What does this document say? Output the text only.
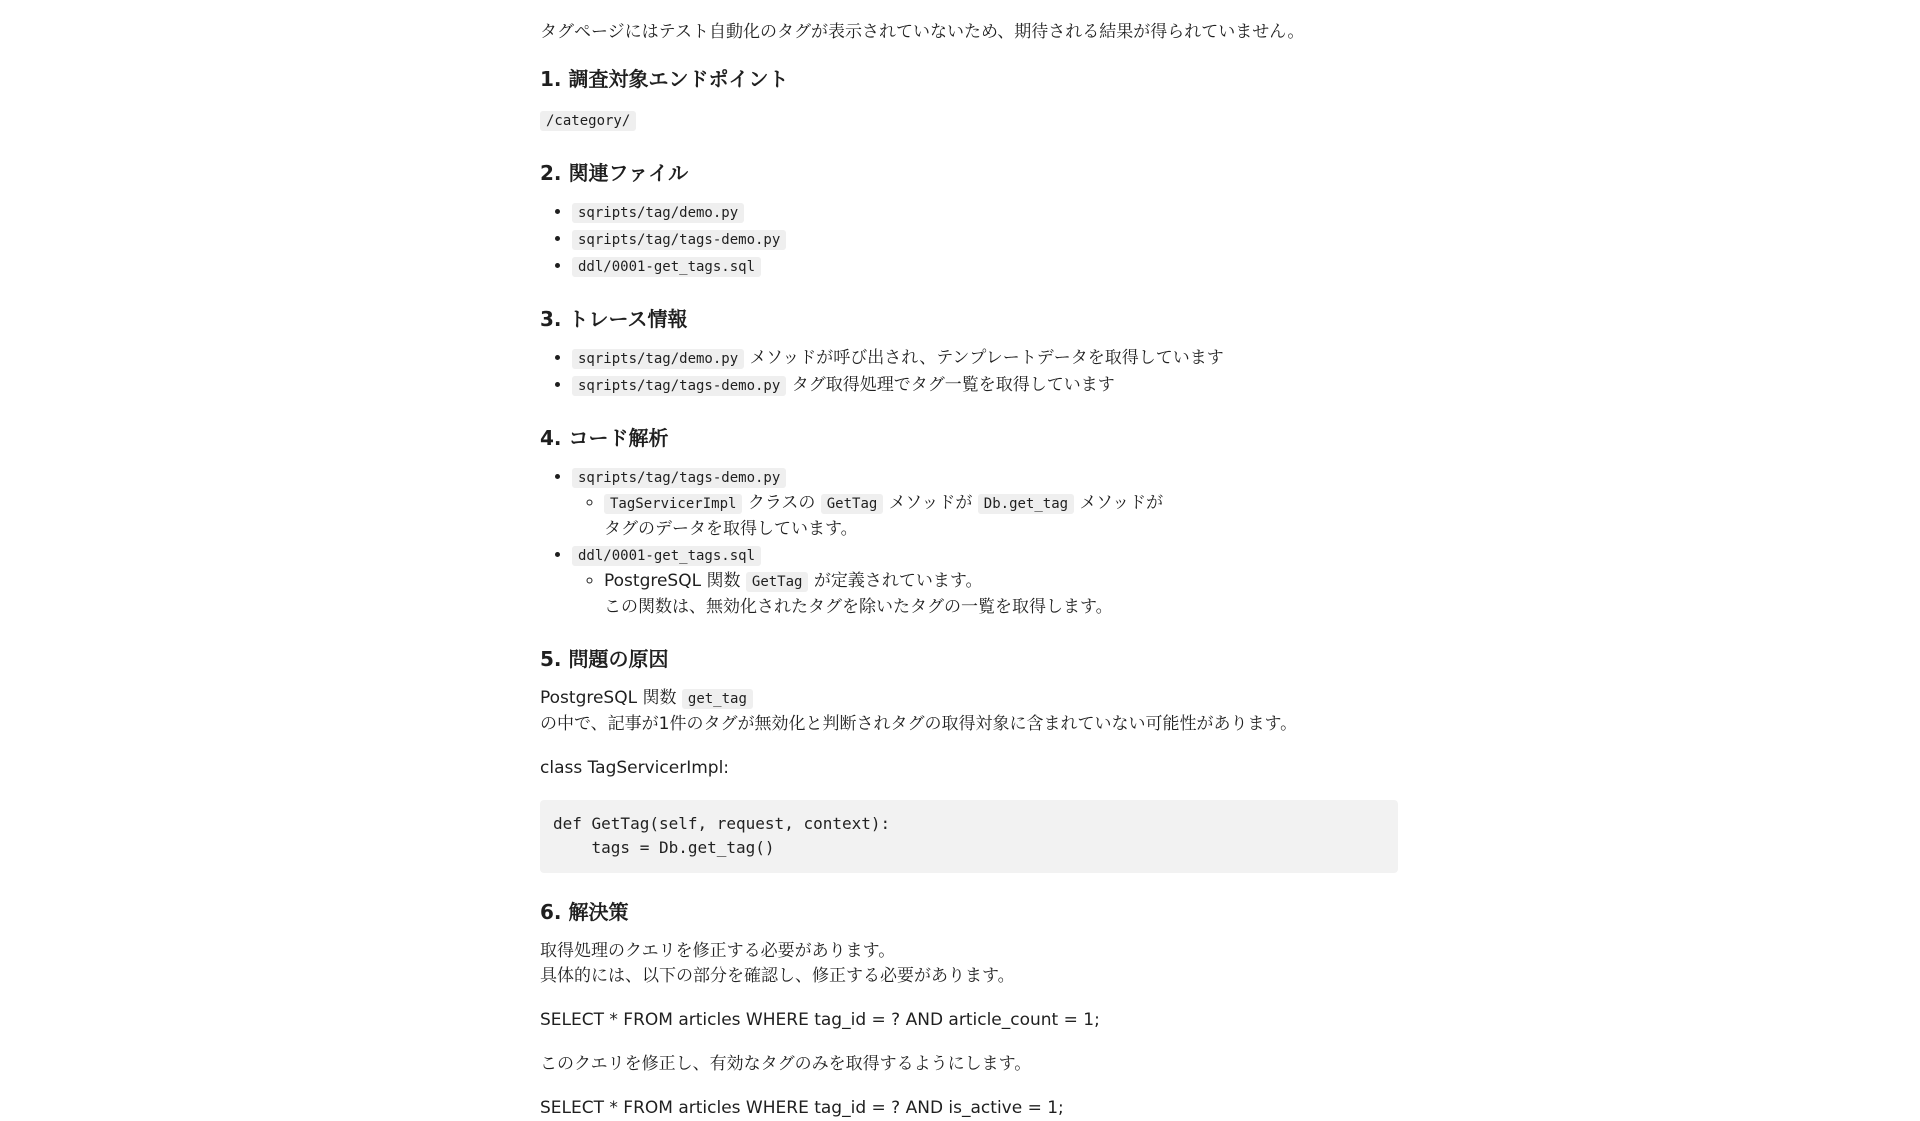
タグページにはテスト自動化のタグが表示されていないため、期待される結果が得られていません。

1. 調査対象エンドポイント

/category/

2. 関連ファイル
• sqripts/tag/demo.py
• sqripts/tag/tags-demo.py
• ddl/0001-get_tags.sql
3. トレース情報
• sqripts/tag/demo.py メソッドが呼び出され、テンプレートデータを取得しています
• sqripts/tag/tags-demo.py タグ取得処理でタグ一覧を取得しています
4. コード解析
• sqripts/tag/tags-demo.py
◦ TagServicerImpl クラスの GetTag メソッドが Db.get_tag メソッドが
タグのデータを取得しています。
• ddl/0001-get_tags.sql
◦ PostgreSQL 関数 GetTag が定義されています。
この関数は、無効化されたタグを除いたタグの一覧を取得します。
5. 問題の原因

PostgreSQL 関数 get_tag
の中で、記事が1件のタグが無効化と判断されタグの取得対象に含まれていない可能性があります。

class TagServicerImpl:

def GetTag(self, request, context):
tags = Db.get_tag()
6. 解決策

取得処理のクエリを修正する必要があります。
具体的には、以下の部分を確認し、修正する必要があります。

SELECT * FROM articles WHERE tag_id = ? AND article_count = 1;

このクエリを修正し、有効なタグのみを取得するようにします。

SELECT * FROM articles WHERE tag_id = ? AND is_active = 1;
